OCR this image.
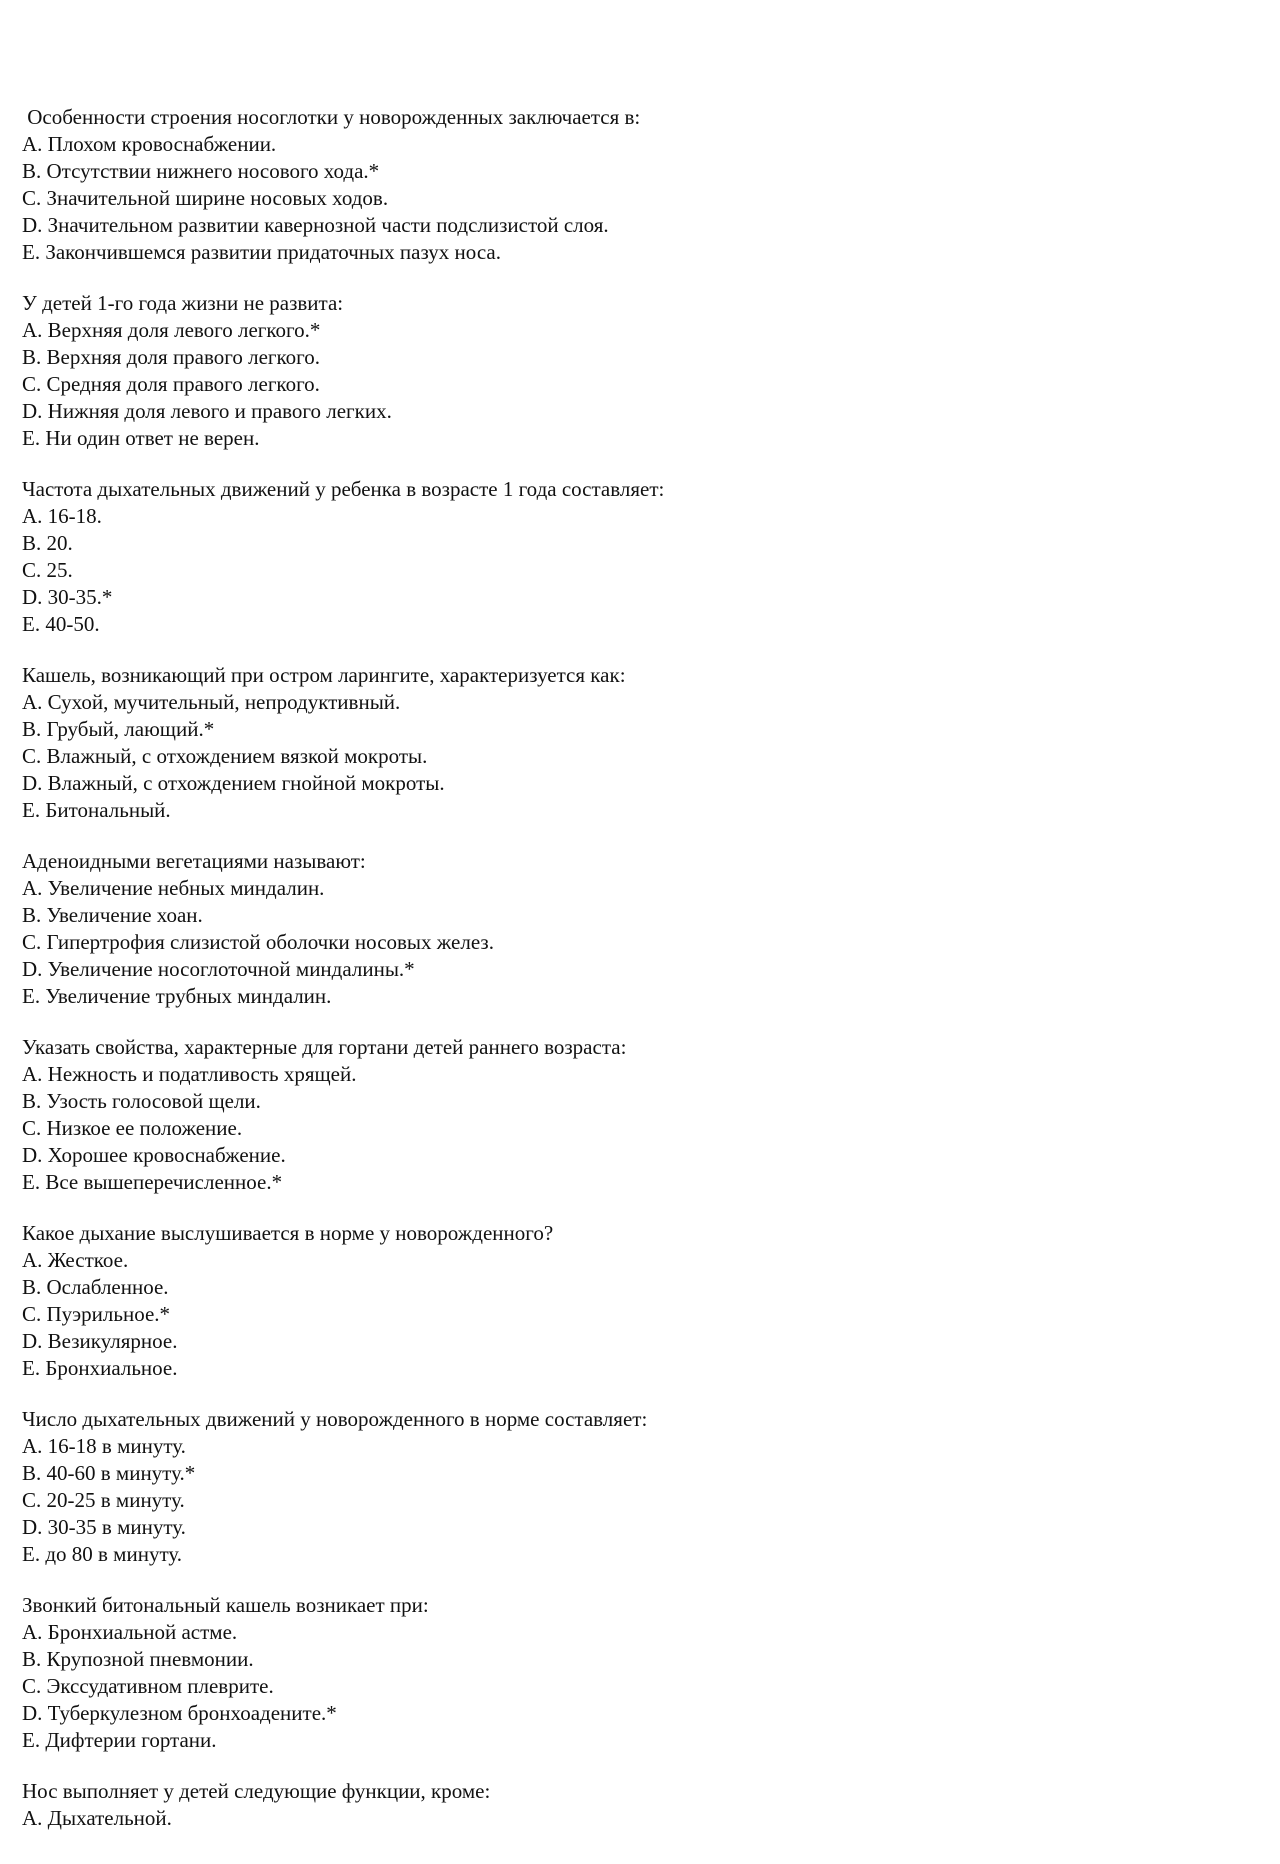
Особенности строения носоглотки у новорожденных заключается в:
A. Плохом кровоснабжении.
B. Отсутствии нижнего носового хода.*
C. Значительной ширине носовых ходов.
D. Значительном развитии кавернозной части подслизистой слоя.
E. Закончившемся развитии придаточных пазух носа.
У детей 1-го года жизни не развита:
A. Верхняя доля левого легкого.*
B. Верхняя доля правого легкого.
C. Средняя доля правого легкого.
D. Нижняя доля левого и правого легких.
E. Ни один ответ не верен.
Частота дыхательных движений у ребенка в возрасте 1 года составляет:
A. 16-18.
B. 20.
C. 25.
D. 30-35.*
E. 40-50.
Кашель, возникающий при остром ларингите, характеризуется как:
A. Сухой, мучительный, непродуктивный.
B. Грубый, лающий.*
C. Влажный, с отхождением вязкой мокроты.
D. Влажный, с отхождением гнойной мокроты.
E. Битональный.
Аденоидными вегетациями называют:
A. Увеличение небных миндалин.
B. Увеличение хоан.
C. Гипертрофия слизистой оболочки носовых желез.
D. Увеличение носоглоточной миндалины.*
E. Увеличение трубных миндалин.
Указать свойства, характерные для гортани детей раннего возраста:
A. Нежность и податливость хрящей.
B. Узость голосовой щели.
C. Низкое ее положение.
D. Хорошее кровоснабжение.
E. Все вышеперечисленное.*
Какое дыхание выслушивается в норме у новорожденного?
A. Жесткое.
B. Ослабленное.
C. Пуэрильное.*
D. Везикулярное.
E. Бронхиальное.
Число дыхательных движений у новорожденного в норме составляет:
A. 16-18 в минуту.
B. 40-60 в минуту.*
C. 20-25 в минуту.
D. 30-35 в минуту.
E. до 80 в минуту.
Звонкий битональный кашель возникает при:
A. Бронхиальной астме.
B. Крупозной пневмонии.
C. Экссудативном плеврите.
D. Туберкулезном бронхоадените.*
E. Дифтерии гортани.
Нос выполняет у детей следующие функции, кроме:
A. Дыхательной.
